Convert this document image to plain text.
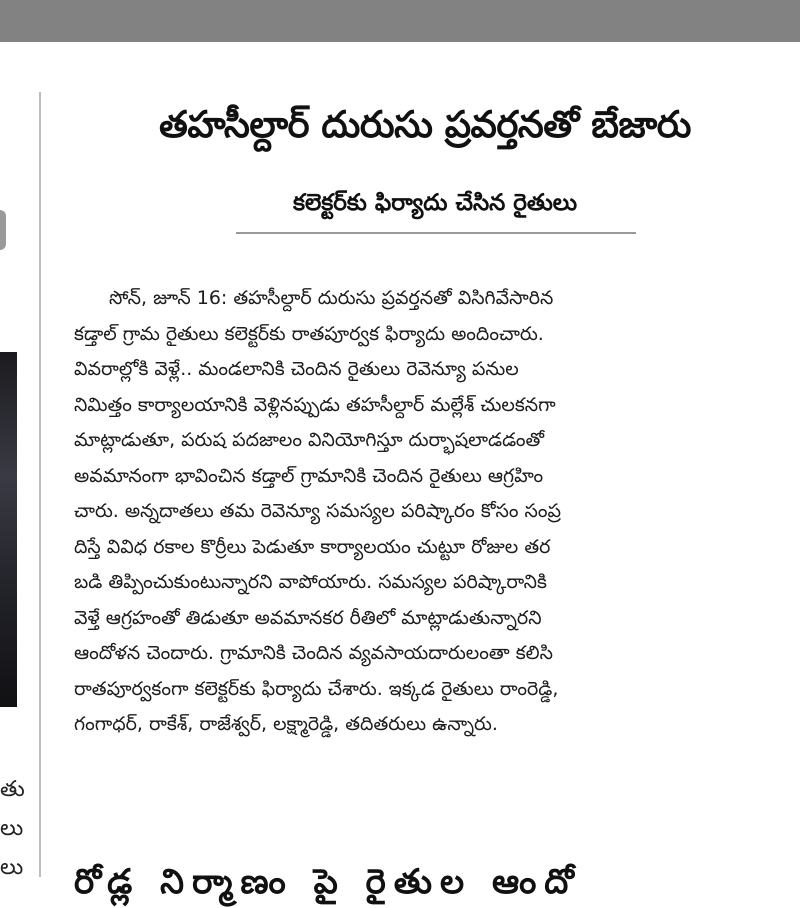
తు
లు
లు
తహసీల్దార్ దురుసు ప్రవర్తనతో బేజారు
కలెక్టర్‌కు ఫిర్యాదు చేసిన రైతులు
సోన్, జూన్ 16: తహసీల్దార్ దురుసు ప్రవర్తనతో విసిగివేసారిన
కడ్తాల్ గ్రామ రైతులు కలెక్టర్‌కు రాతపూర్వక ఫిర్యాదు అందించారు.
వివరాల్లోకి వెళ్లే.. మండలానికి చెందిన రైతులు రెవెన్యూ పనుల
నిమిత్తం కార్యాలయానికి వెళ్లినప్పుడు తహసీల్దార్ మల్లేశ్ చులకనగా
మాట్లాడుతూ, పరుష పదజాలం వినియోగిస్తూ దుర్భాషలాడడంతో
అవమానంగా భావించిన కడ్తాల్ గ్రామానికి చెందిన రైతులు ఆగ్రహిం
చారు. అన్నదాతలు తమ రెవెన్యూ సమస్యల పరిష్కారం కోసం సంప్ర
దిస్తే వివిధ రకాల కొర్రీలు పెడుతూ కార్యాలయం చుట్టూ రోజుల తర
బడి తిప్పించుకుంటున్నారని వాపోయారు. సమస్యల పరిష్కారానికి
వెళ్తే ఆగ్రహంతో తిడుతూ అవమానకర రీతిలో మాట్లాడుతున్నారని
ఆందోళన చెందారు. గ్రామానికి చెందిన వ్యవసాయదారులంతా కలిసి
రాతపూర్వకంగా కలెక్టర్‌కు ఫిర్యాదు చేశారు. ఇక్కడ రైతులు రాంరెడ్డి,
గంగాధర్, రాకేశ్, రాజేశ్వర్, లక్ష్మారెడ్డి, తదితరులు ఉన్నారు.
రోడ్ల నిర్మాణం పై రైతుల ఆందో
